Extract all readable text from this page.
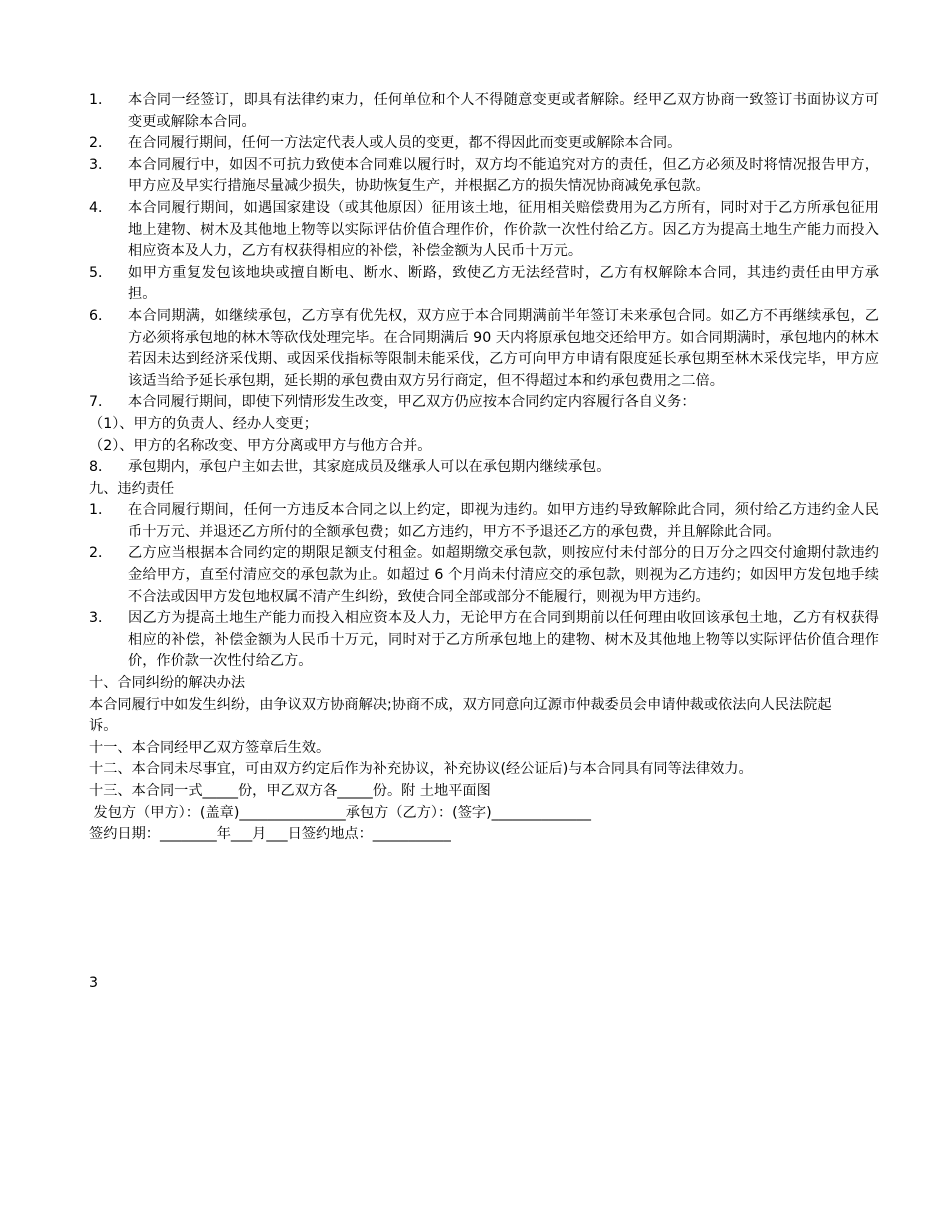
1．	本合同一经签订，即具有法律约束力，任何单位和个人不得随意变更或者解除。经甲乙双方协商一致签订书面协议方可变更或解除本合同。
2．	在合同履行期间，任何一方法定代表人或人员的变更，都不得因此而变更或解除本合同。
3．	本合同履行中，如因不可抗力致使本合同难以履行时，双方均不能追究对方的责任，但乙方必须及时将情况报告甲方，甲方应及早实行措施尽量减少损失，协助恢复生产，并根据乙方的损失情况协商减免承包款。
4．	本合同履行期间，如遇国家建设（或其他原因）征用该土地，征用相关赔偿费用为乙方所有，同时对于乙方所承包征用地上建物、树木及其他地上物等以实际评估价值合理作价，作价款一次性付给乙方。因乙方为提高土地生产能力而投入相应资本及人力，乙方有权获得相应的补偿，补偿金额为人民币十万元。
5．	如甲方重复发包该地块或擅自断电、断水、断路，致使乙方无法经营时，乙方有权解除本合同，其违约责任由甲方承担。
6．	本合同期满，如继续承包，乙方享有优先权，双方应于本合同期满前半年签订未来承包合同。如乙方不再继续承包，乙方必须将承包地的林木等砍伐处理完毕。在合同期满后 90 天内将原承包地交还给甲方。如合同期满时，承包地内的林木若因未达到经济采伐期、或因采伐指标等限制未能采伐，乙方可向甲方申请有限度延长承包期至林木采伐完毕，甲方应该适当给予延长承包期，延长期的承包费由双方另行商定，但不得超过本和约承包费用之二倍。
7．	本合同履行期间，即使下列情形发生改变，甲乙双方仍应按本合同约定内容履行各自义务：

（1）、甲方的负责人、经办人变更；

（2）、甲方的名称改变、甲方分离或甲方与他方合并。

8．	承包期内，承包户主如去世，其家庭成员及继承人可以在承包期内继续承包。

九、违约责任

1．	在合同履行期间，任何一方违反本合同之以上约定，即视为违约。如甲方违约导致解除此合同，须付给乙方违约金人民币十万元、并退还乙方所付的全额承包费；如乙方违约，甲方不予退还乙方的承包费，并且解除此合同。
2．	乙方应当根据本合同约定的期限足额支付租金。如超期缴交承包款，则按应付未付部分的日万分之四交付逾期付款违约金给甲方，直至付清应交的承包款为止。如超过 6 个月尚未付清应交的承包款，则视为乙方违约；如因甲方发包地手续不合法或因甲方发包地权属不清产生纠纷，致使合同全部或部分不能履行，则视为甲方违约。
3．	因乙方为提高土地生产能力而投入相应资本及人力，无论甲方在合同到期前以任何理由收回该承包土地，乙方有权获得相应的补偿，补偿金额为人民币十万元，同时对于乙方所承包地上的建物、树木及其他地上物等以实际评估价值合理作价，作价款一次性付给乙方。

十、合同纠纷的解决办法

本合同履行中如发生纠纷，由争议双方协商解决;协商不成，双方同意向辽源市仲裁委员会申请仲裁或依法向人民法院起诉。

十一、本合同经甲乙双方签章后生效。

十二、本合同未尽事宜，可由双方约定后作为补充协议，补充协议(经公证后)与本合同具有同等法律效力。

十三、本合同一式_____份，甲乙双方各_____份。附 土地平面图

发包方（甲方）：(盖章)_______________承包方（乙方）：(签字)______________

签约日期：________年___月___日签约地点：___________

3
